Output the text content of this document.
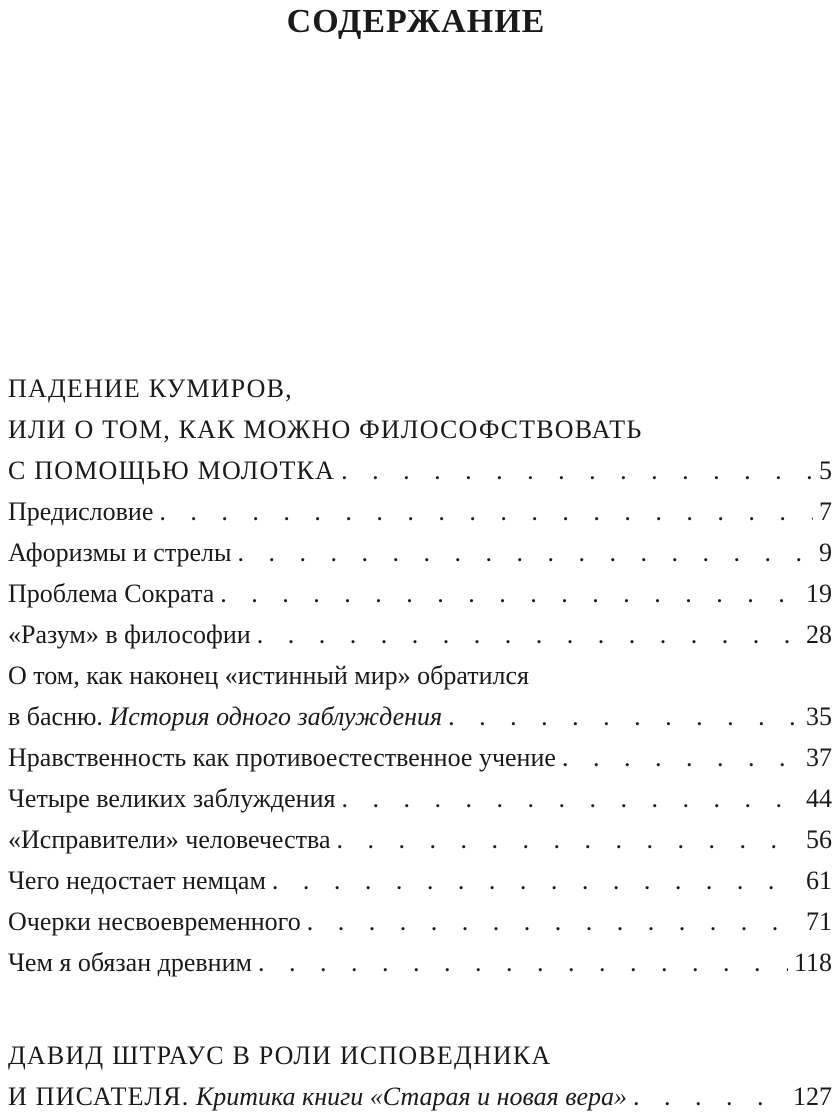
СОДЕРЖАНИЕ
ПАДЕНИЕ КУМИРОВ,
ИЛИ О ТОМ, КАК МОЖНО ФИЛОСОФСТВОВАТЬ
С ПОМОЩЬЮ МОЛОТКА . . .	5
Предисловие . . .	7
Афоризмы и стрелы . . .	9
Проблема Сократа . . .	19
«Разум» в философии . . .	28
О том, как наконец «истинный мир» обратился
в басню. История одного заблуждения . . .	35
Нравственность как противоестественное учение . . .	37
Четыре великих заблуждения . . .	44
«Исправители» человечества . . .	56
Чего недостает немцам . . .	61
Очерки несвоевременного . . .	71
Чем я обязан древним . . .	118
ДАВИД ШТРАУС В РОЛИ ИСПОВЕДНИКА
И ПИСАТЕЛЯ. Критика книги «Старая и новая вера» . . .	127
